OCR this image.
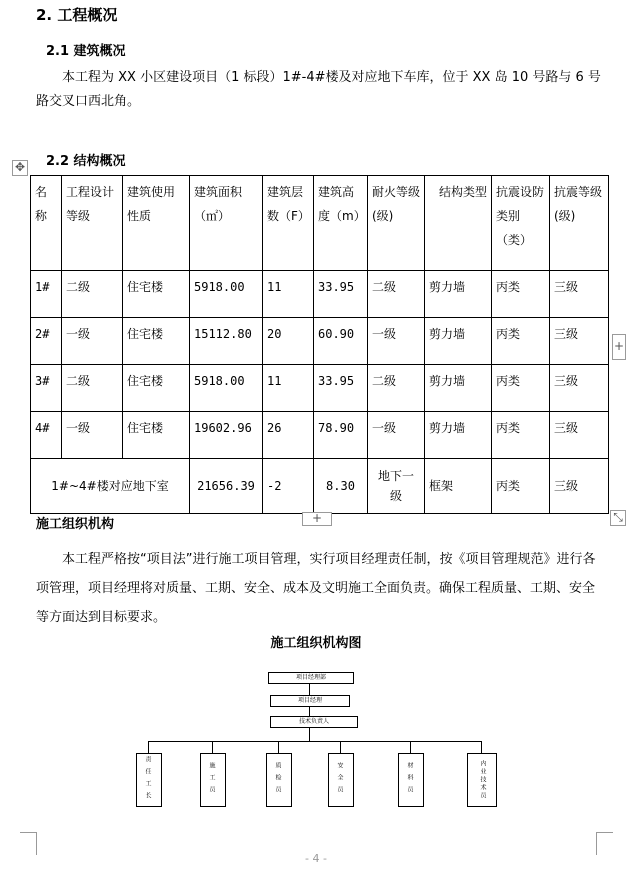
2. 工程概况
2.1 建筑概况
本工程为 XX 小区建设项目（1 标段）1#-4#楼及对应地下车库，位于 XX 岛 10 号路与 6 号路交叉口西北角。
2.2 结构概况
✥
名称	工程设计等级	建筑使用性质	建筑面积（㎡）	建筑层数（F）	建筑高度（m）	耐火等级(级)	结构类型	抗震设防类别（类）	抗震等级(级)
1#	二级	住宅楼	5918.00	11	33.95	二级	剪力墙	丙类	三级
2#	一级	住宅楼	15112.80	20	60.90	一级	剪力墙	丙类	三级
3#	二级	住宅楼	5918.00	11	33.95	二级	剪力墙	丙类	三级
4#	一级	住宅楼	19602.96	26	78.90	一级	剪力墙	丙类	三级
1#~4#楼对应地下室			21656.39	-2	8.30	地下一级	框架	丙类	三级
+
+
⤡
施工组织机构
本工程严格按“项目法”进行施工项目管理，实行项目经理责任制，按《项目管理规范》进行各项管理，项目经理将对质量、工期、安全、成本及文明施工全面负责。确保工程质量、工期、安全等方面达到目标要求。
施工组织机构图
项目经理部
项目经理
技术负责人
责任工长	施工员	质检员	安全员	材料员	内业技术员
- 4 -
